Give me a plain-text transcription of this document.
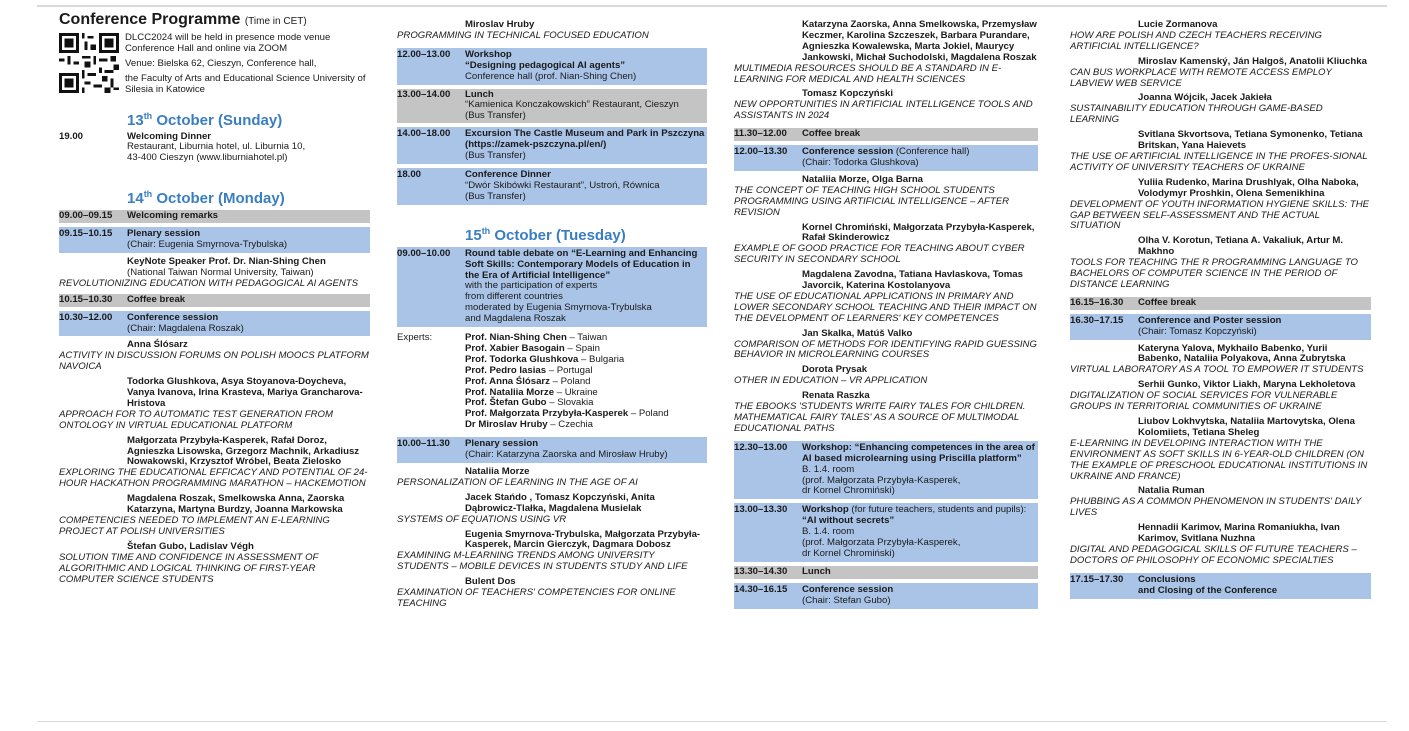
Conference Programme (Time in CET)

DLCC2024 will be held in presence mode venue Conference Hall and online via ZOOM

Venue: Bielska 62, Cieszyn, Conference hall,

the Faculty of Arts and Educational Science University of Silesia in Katowice

13th October (Sunday)
19.00	Welcoming Dinner
Restaurant, Liburnia hotel, ul. Liburnia 10,
43-400 Cieszyn (www.liburniahotel.pl)
14th October (Monday)
09.00–09.15	Welcoming remarks
09.15–10.15	Plenary session
(Chair: Eugenia Smyrnova-Trybulska)
KeyNote Speaker Prof. Dr. Nian-Shing Chen
(National Taiwan Normal University, Taiwan)
REVOLUTIONIZING EDUCATION WITH PEDAGOGICAL AI AGENTS
10.15–10.30	Coffee break
10.30–12.00	Conference session
(Chair: Magdalena Roszak)
Anna Ślósarz
ACTIVITY IN DISCUSSION FORUMS ON POLISH MOOCS PLATFORM NAVOICA
Todorka Glushkova, Asya Stoyanova-Doycheva, Vanya Ivanova, Irina Krasteva, Mariya Grancharova-Hristova
APPROACH FOR TO AUTOMATIC TEST GENERATION FROM ONTOLOGY IN VIRTUAL EDUCATIONAL PLATFORM
Małgorzata Przybyła-Kasperek, Rafał Doroz, Agnieszka Lisowska, Grzegorz Machnik, Arkadiusz Nowakowski, Krzysztof Wróbel, Beata Zielosko
EXPLORING THE EDUCATIONAL EFFICACY AND POTENTIAL OF 24-HOUR HACKATHON PROGRAMMING MARATHON – HACKEMOTION
Magdalena Roszak, Smelkowska Anna, Zaorska Katarzyna, Martyna Burdzy, Joanna Markowska
COMPETENCIES NEEDED TO IMPLEMENT AN E-LEARNING PROJECT AT POLISH UNIVERSITIES
Štefan Gubo, Ladislav Végh
SOLUTION TIME AND CONFIDENCE IN ASSESSMENT OF ALGORITHMIC AND LOGICAL THINKING OF FIRST-YEAR COMPUTER SCIENCE STUDENTS
Miroslav Hruby
PROGRAMMING IN TECHNICAL FOCUSED EDUCATION
12.00–13.00	Workshop
“Designing pedagogical AI agents”
Conference hall (prof. Nian-Shing Chen)
13.00–14.00	Lunch
“Kamienica Konczakowskich” Restaurant, Cieszyn
(Bus Transfer)
14.00–18.00	Excursion The Castle Museum and Park in Pszczyna (https://zamek-pszczyna.pl/en/)
(Bus Transfer)
18.00	Conference Dinner
“Dwór Skibówki Restaurant”, Ustroń, Równica
(Bus Transfer)
15th October (Tuesday)
09.00–10.00	Round table debate on “E-Learning and Enhancing Soft Skills: Contemporary Models of Education in the Era of Artificial Intelligence”
with the participation of experts
from different countries
moderated by Eugenia Smyrnova-Trybulska
and Magdalena Roszak
Experts:	Prof. Nian-Shing Chen – Taiwan
Prof. Xabier Basogain – Spain
Prof. Todorka Glushkova – Bulgaria
Prof. Pedro Iasias – Portugal
Prof. Anna Ślósarz – Poland
Prof. Nataliia Morze – Ukraine
Prof. Štefan Gubo – Slovakia
Prof. Małgorzata Przybyła-Kasperek – Poland
Dr Miroslav Hruby – Czechia
10.00–11.30	Plenary session
(Chair: Katarzyna Zaorska and Mirosław Hruby)
Nataliia Morze
PERSONALIZATION OF LEARNING IN THE AGE OF AI
Jacek Stańdo , Tomasz Kopczyński, Anita Dąbrowicz-Tlałka, Magdalena Musielak
SYSTEMS OF EQUATIONS USING VR
Eugenia Smyrnova-Trybulska, Małgorzata Przybyła-Kasperek, Marcin Gierczyk, Dagmara Dobosz
EXAMINING M-LEARNING TRENDS AMONG UNIVERSITY STUDENTS – MOBILE DEVICES IN STUDENTS STUDY AND LIFE
Bulent Dos
EXAMINATION OF TEACHERS' COMPETENCIES FOR ONLINE TEACHING
Katarzyna Zaorska, Anna Smelkowska, Przemysław Keczmer, Karolina Szczeszek, Barbara Purandare, Agnieszka Kowalewska, Marta Jokiel, Maurycy Jankowski, Michał Suchodolski, Magdalena Roszak
MULTIMEDIA RESOURCES SHOULD BE A STANDARD IN E-LEARNING FOR MEDICAL AND HEALTH SCIENCES
Tomasz Kopczyński
NEW OPPORTUNITIES IN ARTIFICIAL INTELLIGENCE TOOLS AND ASSISTANTS IN 2024
11.30–12.00	Coffee break
12.00–13.30	Conference session (Conference hall)
(Chair: Todorka Glushkova)
Nataliia Morze, Olga Barna
THE CONCEPT OF TEACHING HIGH SCHOOL STUDENTS PROGRAMMING USING ARTIFICIAL INTELLIGENCE – AFTER REVISION
Kornel Chromiński, Małgorzata Przybyła-Kasperek, Rafał Skinderowicz
EXAMPLE OF GOOD PRACTICE FOR TEACHING ABOUT CYBER SECURITY IN SECONDARY SCHOOL
Magdalena Zavodna, Tatiana Havlaskova, Tomas Javorcik, Katerina Kostolanyova
THE USE OF EDUCATIONAL APPLICATIONS IN PRIMARY AND LOWER SECONDARY SCHOOL TEACHING AND THEIR IMPACT ON THE DEVELOPMENT OF LEARNERS' KEY COMPETENCES
Jan Skalka, Matúš Valko
COMPARISON OF METHODS FOR IDENTIFYING RAPID GUESSING BEHAVIOR IN MICROLEARNING COURSES
Dorota Prysak
OTHER IN EDUCATION – VR APPLICATION
Renata Raszka
THE EBOOKS 'STUDENTS WRITE FAIRY TALES FOR CHILDREN. MATHEMATICAL FAIRY TALES' AS A SOURCE OF MULTIMODAL EDUCATIONAL PATHS
12.30–13.00	Workshop: “Enhancing competences in the area of AI based microlearning using Priscilla platform”
B. 1.4. room
(prof. Małgorzata Przybyła-Kasperek,
dr Kornel Chromiński)
13.00–13.30	Workshop (for future teachers, students and pupils): “AI without secrets”
B. 1.4. room
(prof. Małgorzata Przybyła-Kasperek,
dr Kornel Chromiński)
13.30–14.30	Lunch
14.30–16.15	Conference session
(Chair: Stefan Gubo)
Lucie Zormanova
HOW ARE POLISH AND CZECH TEACHERS RECEIVING ARTIFICIAL INTELLIGENCE?
Miroslav Kamenský, Ján Halgoš, Anatolii Kliuchka
CAN BUS WORKPLACE WITH REMOTE ACCESS EMPLOY LABVIEW WEB SERVICE
Joanna Wójcik, Jacek Jakieła
SUSTAINABILITY EDUCATION THROUGH GAME-BASED LEARNING
Svitlana Skvortsova, Tetiana Symonenko, Tetiana Britskan, Yana Haievets
THE USE OF ARTIFICIAL INTELLIGENCE IN THE PROFES-SIONAL ACTIVITY OF UNIVERSITY TEACHERS OF UKRAINE
Yuliia Rudenko, Marina Drushlyak, Olha Naboka, Volodymyr Proshkin, Olena Semenikhina
DEVELOPMENT OF YOUTH INFORMATION HYGIENE SKILLS: THE GAP BETWEEN SELF-ASSESSMENT AND THE ACTUAL SITUATION
Olha V. Korotun, Tetiana A. Vakaliuk, Artur M. Makhno
TOOLS FOR TEACHING THE R PROGRAMMING LANGUAGE TO BACHELORS OF COMPUTER SCIENCE IN THE PERIOD OF DISTANCE LEARNING
16.15–16.30	Coffee break
16.30–17.15	Conference and Poster session
(Chair: Tomasz Kopczyński)
Kateryna Yalova, Mykhailo Babenko, Yurii Babenko, Nataliia Polyakova, Anna Zubrytska
VIRTUAL LABORATORY AS A TOOL TO EMPOWER IT STUDENTS
Serhii Gunko, Viktor Liakh, Maryna Lekholetova
DIGITALIZATION OF SOCIAL SERVICES FOR VULNERABLE GROUPS IN TERRITORIAL COMMUNITIES OF UKRAINE
Liubov Lokhvytska, Nataliia Martovytska, Olena Kolomiiets, Tetiana Sheleg
E-LEARNING IN DEVELOPING INTERACTION WITH THE ENVIRONMENT AS SOFT SKILLS IN 6-YEAR-OLD CHILDREN (ON THE EXAMPLE OF PRESCHOOL EDUCATIONAL INSTITUTIONS IN UKRAINE AND FRANCE)
Natalia Ruman
PHUBBING AS A COMMON PHENOMENON IN STUDENTS' DAILY LIVES
Hennadii Karimov, Marina Romaniukha, Ivan Karimov, Svitlana Nuzhna
DIGITAL AND PEDAGOGICAL SKILLS OF FUTURE TEACHERS – DOCTORS OF PHILOSOPHY OF ECONOMIC SPECIALTIES
17.15–17.30	Conclusions
and Closing of the Conference
